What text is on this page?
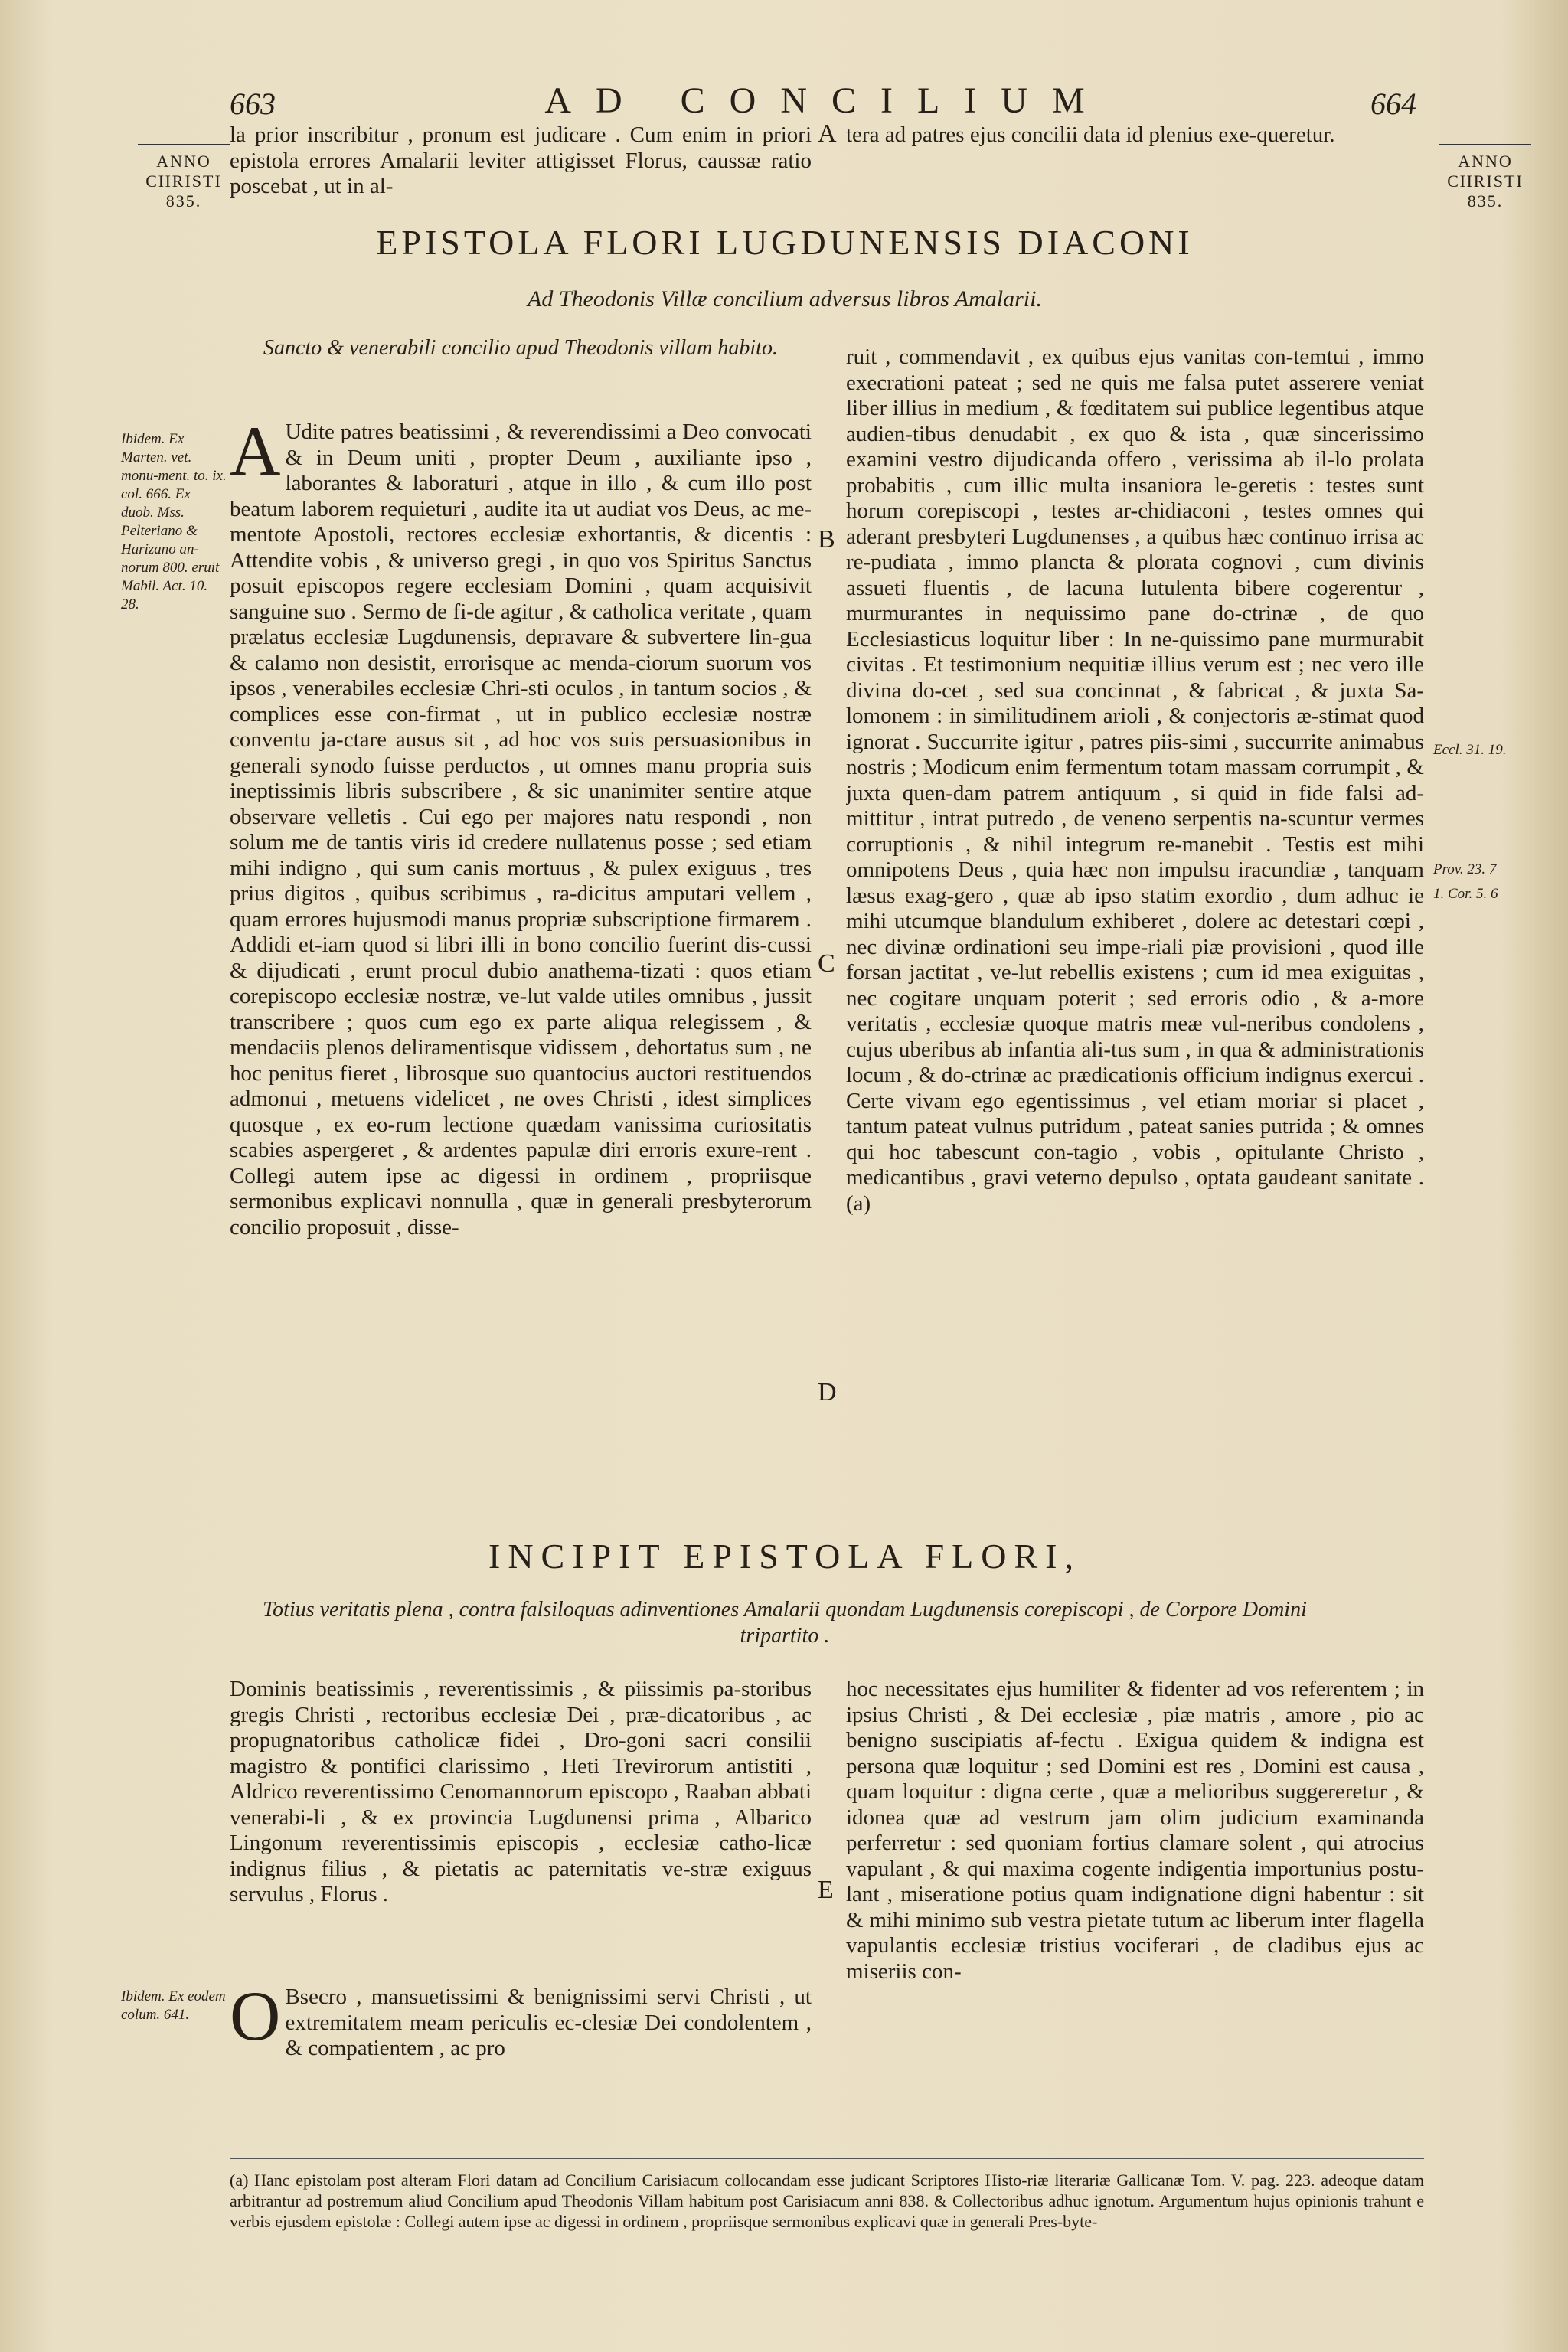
663	AD CONCILIUM	664
ANNO
CHRISTI
835.
ANNO
CHRISTI
835.

la prior inscribitur , pronum est judicare . Cum enim in priori epistola errores Amalarii leviter attigisset Florus, caussæ ratio poscebat , ut in al-

A tera ad patres ejus concilii data id plenius exe-queretur.

EPISTOLA FLORI LUGDUNENSIS DIACONI
Ad Theodonis Villæ concilium adversus libros Amalarii.
Sancto & venerabili concilio apud Theodonis villam habito.
Ibidem. Ex Marten. vet. monu-ment. to. ix. col. 666. Ex duob. Mss. Pelteriano & Harizano an-norum 800. eruit Mabil. Act. 10. 28.
A Udite patres beatissimi , & reverendissimi a Deo convocati & in Deum uniti , propter Deum , auxiliante ipso , laborantes & laboraturi , atque in illo , & cum illo post beatum laborem requieturi , audite ita ut audiat vos Deus, ac me-mentote Apostoli, rectores ecclesiæ exhortantis, & dicentis : Attendite vobis , & universo gregi , in quo vos Spiritus Sanctus posuit episcopos regere ecclesiam Domini , quam acquisivit sanguine suo . Sermo de fi-de agitur , & catholica veritate , quam prælatus ecclesiæ Lugdunensis, depravare & subvertere lin-gua & calamo non desistit, errorisque ac menda-ciorum suorum vos ipsos , venerabiles ecclesiæ Chri-sti oculos , in tantum socios , & complices esse con-firmat , ut in publico ecclesiæ nostræ conventu ja-ctare ausus sit , ad hoc vos suis persuasionibus in generali synodo fuisse perductos , ut omnes manu propria suis ineptissimis libris subscribere , & sic unanimiter sentire atque observare velletis . Cui ego per majores natu respondi , non solum me de tantis viris id credere nullatenus posse ; sed etiam mihi indigno , qui sum canis mortuus , & pulex exiguus , tres prius digitos , quibus scribimus , ra-dicitus amputari vellem , quam errores hujusmodi manus propriæ subscriptione firmarem . Addidi et-iam quod si libri illi in bono concilio fuerint dis-cussi & dijudicati , erunt procul dubio anathema-tizati : quos etiam corepiscopo ecclesiæ nostræ, ve-lut valde utiles omnibus , jussit transcribere ; quos cum ego ex parte aliqua relegissem , & mendaciis plenos deliramentisque vidissem , dehortatus sum , ne hoc penitus fieret , librosque suo quantocius auctori restituendos admonui , metuens videlicet , ne oves Christi , idest simplices quosque , ex eo-rum lectione quædam vanissima curiositatis scabies aspergeret , & ardentes papulæ diri erroris exure-rent . Collegi autem ipse ac digessi in ordinem , propriisque sermonibus explicavi nonnulla , quæ in generali presbyterorum concilio proposuit , disse-

B
C
D

ruit , commendavit , ex quibus ejus vanitas con-temtui , immo execrationi pateat ; sed ne quis me falsa putet asserere veniat liber illius in medium , & fœditatem sui publice legentibus atque audien-tibus denudabit , ex quo & ista , quæ sincerissimo examini vestro dijudicanda offero , verissima ab il-lo prolata probabitis , cum illic multa insaniora le-geretis : testes sunt horum corepiscopi , testes ar-chidiaconi , testes omnes qui aderant presbyteri Lugdunenses , a quibus hæc continuo irrisa ac re-pudiata , immo plancta & plorata cognovi , cum divinis assueti fluentis , de lacuna lutulenta bibere cogerentur , murmurantes in nequissimo pane do-ctrinæ , de quo Ecclesiasticus loquitur liber : In ne-quissimo pane murmurabit civitas . Et testimonium nequitiæ illius verum est ; nec vero ille divina do-cet , sed sua concinnat , & fabricat , & juxta Sa-lomonem : in similitudinem arioli , & conjectoris æ-stimat quod ignorat . Succurrite igitur , patres piis-simi , succurrite animabus nostris ; Modicum enim fermentum totam massam corrumpit , & juxta quen-dam patrem antiquum , si quid in fide falsi ad-mittitur , intrat putredo , de veneno serpentis na-scuntur vermes corruptionis , & nihil integrum re-manebit . Testis est mihi omnipotens Deus , quia hæc non impulsu iracundiæ , tanquam læsus exag-gero , quæ ab ipso statim exordio , dum adhuc ie mihi utcumque blandulum exhiberet , dolere ac detestari cœpi , nec divinæ ordinationi seu impe-riali piæ provisioni , quod ille forsan jactitat , ve-lut rebellis existens ; cum id mea exiguitas , nec cogitare unquam poterit ; sed erroris odio , & a-more veritatis , ecclesiæ quoque matris meæ vul-neribus condolens , cujus uberibus ab infantia ali-tus sum , in qua & administrationis locum , & do-ctrinæ ac prædicationis officium indignus exercui . Certe vivam ego egentissimus , vel etiam moriar si placet , tantum pateat vulnus putridum , pateat sanies putrida ; & omnes qui hoc tabescunt con-tagio , vobis , opitulante Christo , medicantibus , gravi veterno depulso , optata gaudeant sanitate . (a)

Eccl. 31. 19.
Prov. 23. 7
1. Cor. 5. 6
INCIPIT EPISTOLA FLORI,
Totius veritatis plena , contra falsiloquas adinventiones Amalarii quondam Lugdunensis corepiscopi , de Corpore Domini tripartito .

Dominis beatissimis , reverentissimis , & piissimis pa-storibus gregis Christi , rectoribus ecclesiæ Dei , præ-dicatoribus , ac propugnatoribus catholicæ fidei , Dro-goni sacri consilii magistro & pontifici clarissimo , Heti Trevirorum antistiti , Aldrico reverentissimo Cenomannorum episcopo , Raaban abbati venerabi-li , & ex provincia Lugdunensi prima , Albarico Lingonum reverentissimis episcopis , ecclesiæ catho-licæ indignus filius , & pietatis ac paternitatis ve-stræ exiguus servulus , Florus .

Ibidem. Ex eodem colum. 641. O Bsecro , mansuetissimi & benignissimi servi Christi , ut extremitatem meam periculis ec-clesiæ Dei condolentem , & compatientem , ac pro

E

hoc necessitates ejus humiliter & fidenter ad vos referentem ; in ipsius Christi , & Dei ecclesiæ , piæ matris , amore , pio ac benigno suscipiatis af-fectu . Exigua quidem & indigna est persona quæ loquitur ; sed Domini est res , Domini est causa , quam loquitur : digna certe , quæ a melioribus suggereretur , & idonea quæ ad vestrum jam olim judicium examinanda perferretur : sed quoniam fortius clamare solent , qui atrocius vapulant , & qui maxima cogente indigentia importunius postu-lant , miseratione potius quam indignatione digni habentur : sit & mihi minimo sub vestra pietate tutum ac liberum inter flagella vapulantis ecclesiæ tristius vociferari , de cladibus ejus ac miseriis con-

(a) Hanc epistolam post alteram Flori datam ad Concilium Carisiacum collocandam esse judicant Scriptores Histo-riæ literariæ Gallicanæ Tom. V. pag. 223. adeoque datam arbitrantur ad postremum aliud Concilium apud Theodonis Villam habitum post Carisiacum anni 838. & Collectoribus adhuc ignotum. Argumentum hujus opinionis trahunt e verbis ejusdem epistolæ : Collegi autem ipse ac digessi in ordinem , propriisque sermonibus explicavi quæ in generali Pres-byte-
